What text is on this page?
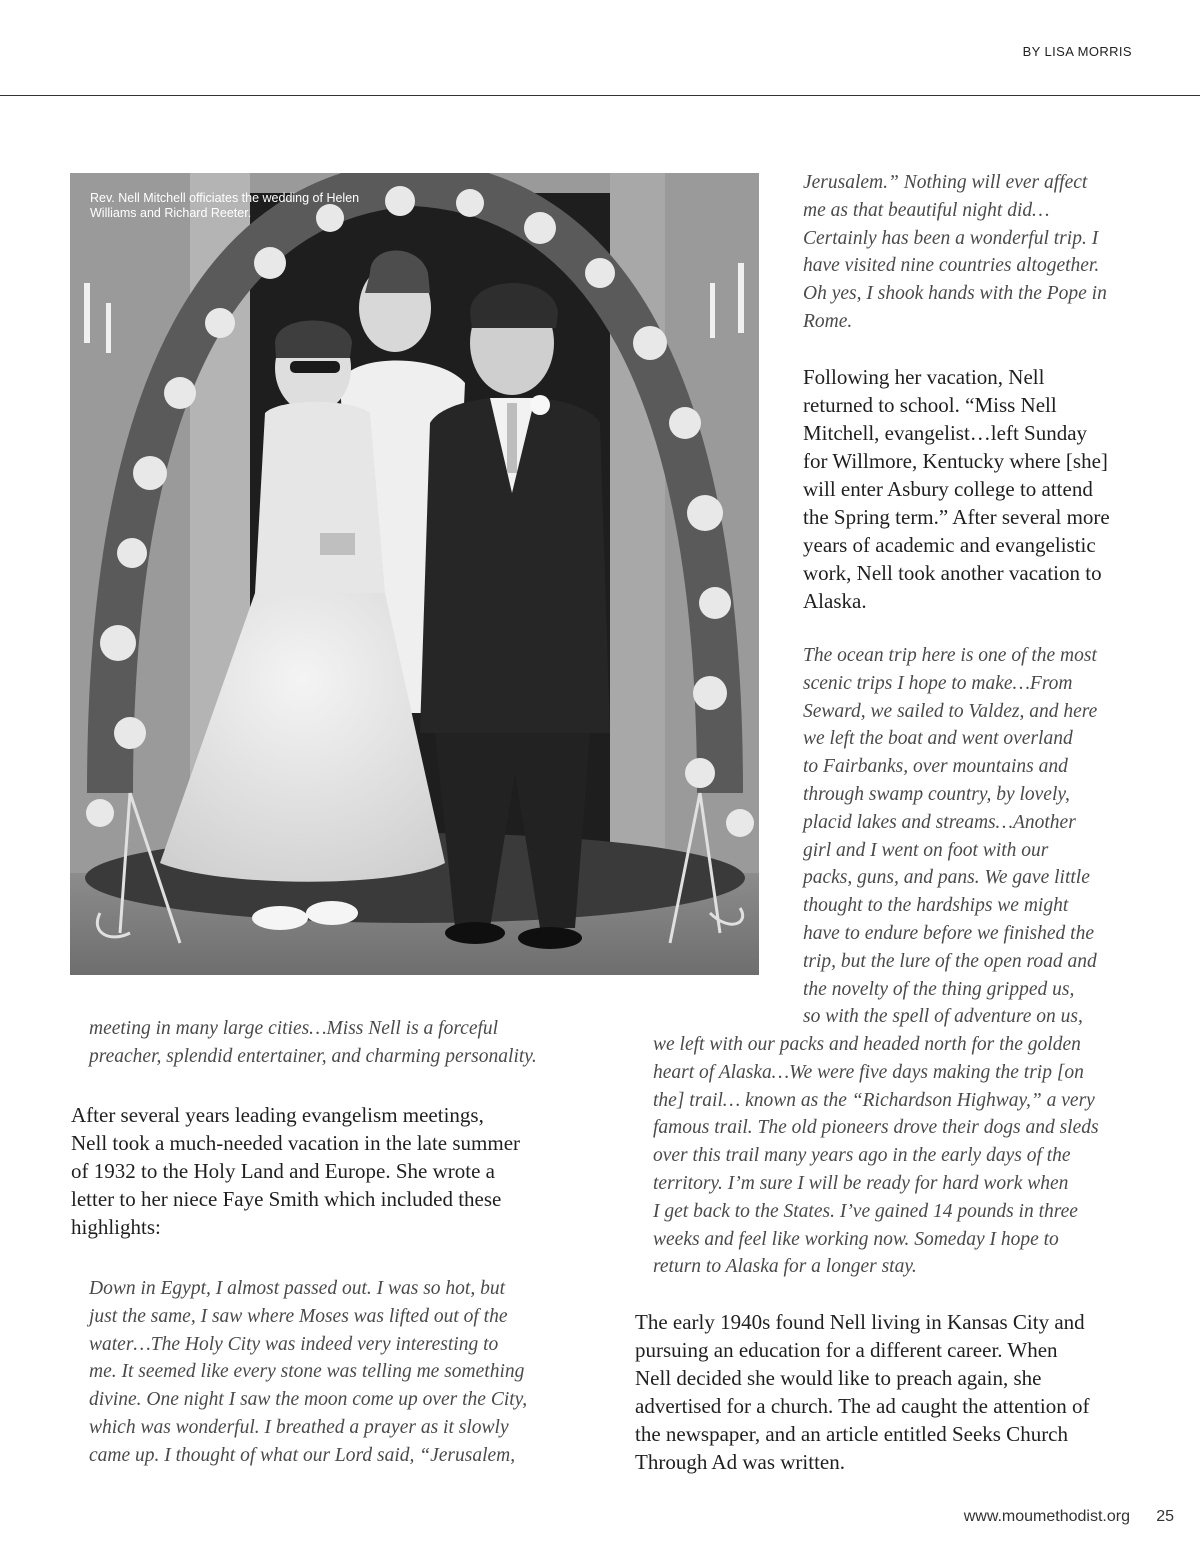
BY LISA MORRIS
Rev. Nell Mitchell officiates the wedding of Helen Williams and Richard Reeter.
Jerusalem.” Nothing will ever affect
me as that beautiful night did…
Certainly has been a wonderful trip. I
have visited nine countries altogether.
Oh yes, I shook hands with the Pope in
Rome.
Following her vacation, Nell
returned to school. “Miss Nell
Mitchell, evangelist…left Sunday
for Willmore, Kentucky where [she]
will enter Asbury college to attend
the Spring term.” After several more
years of academic and evangelistic
work, Nell took another vacation to
Alaska.
The ocean trip here is one of the most
scenic trips I hope to make…From
Seward, we sailed to Valdez, and here
we left the boat and went overland
to Fairbanks, over mountains and
through swamp country, by lovely,
placid lakes and streams…Another
girl and I went on foot with our
packs, guns, and pans. We gave little
thought to the hardships we might
have to endure before we finished the
trip, but the lure of the open road and
the novelty of the thing gripped us,
so with the spell of adventure on us,
we left with our packs and headed north for the golden
heart of Alaska…We were five days making the trip [on
the] trail… known as the “Richardson Highway,” a very
famous trail. The old pioneers drove their dogs and sleds
over this trail many years ago in the early days of the
territory. I’m sure I will be ready for hard work when
I get back to the States. I’ve gained 14 pounds in three
weeks and feel like working now. Someday I hope to
return to Alaska for a longer stay.
The early 1940s found Nell living in Kansas City and
pursuing an education for a different career. When
Nell decided she would like to preach again, she
advertised for a church. The ad caught the attention of
the newspaper, and an article entitled Seeks Church
Through Ad was written.
meeting in many large cities…Miss Nell is a forceful
preacher, splendid entertainer, and charming personality.
After several years leading evangelism meetings,
Nell took a much-needed vacation in the late summer
of 1932 to the Holy Land and Europe. She wrote a
letter to her niece Faye Smith which included these
highlights:
Down in Egypt, I almost passed out. I was so hot, but
just the same, I saw where Moses was lifted out of the
water…The Holy City was indeed very interesting to
me. It seemed like every stone was telling me something
divine. One night I saw the moon come up over the City,
which was wonderful. I breathed a prayer as it slowly
came up. I thought of what our Lord said, “Jerusalem,
www.moumethodist.org 25
